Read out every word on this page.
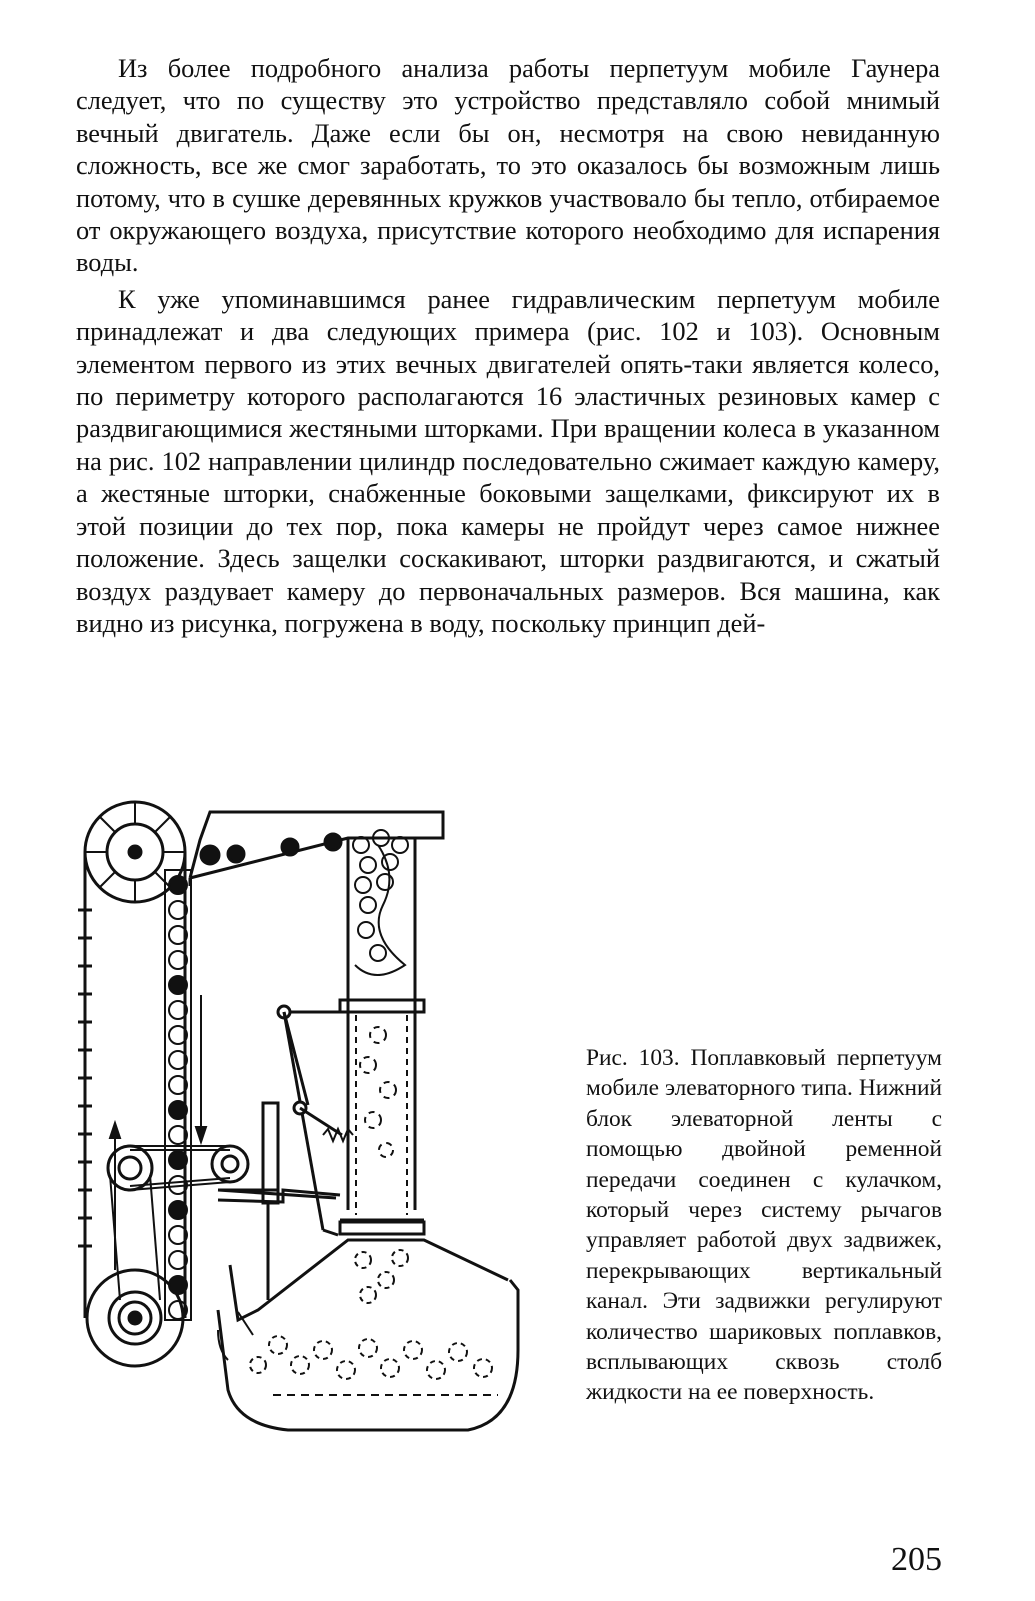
Из более подробного анализа работы перпетуум мобиле Гаунера следует, что по существу это устройство представляло собой мнимый вечный двигатель. Даже если бы он, несмотря на свою невиданную сложность, все же смог заработать, то это оказалось бы возможным лишь потому, что в сушке деревянных кружков участвовало бы тепло, отбираемое от окружающего воздуха, присутствие которого необходимо для испарения воды.

К уже упоминавшимся ранее гидравлическим перпетуум мобиле принадлежат и два следующих примера (рис. 102 и 103). Основным элементом первого из этих вечных двигателей опять-таки является колесо, по периметру которого располагаются 16 эластичных резиновых камер с раздвигающимися жестяными шторками. При вращении колеса в указанном на рис. 102 направлении цилиндр последовательно сжимает каждую камеру, а жестяные шторки, снабженные боковыми защелками, фиксируют их в этой позиции до тех пор, пока камеры не пройдут через самое нижнее положение. Здесь защелки соскакивают, шторки раздвигаются, и сжатый воздух раздувает камеру до первоначальных размеров. Вся машина, как видно из рисунка, погружена в воду, поскольку принцип дей-

Рис. 103. Поплавковый перпетуум мобиле элеваторного типа. Нижний блок элеваторной ленты с помощью двойной ременной передачи соединен с кулачком, который через систему рычагов управляет работой двух задвижек, перекрывающих вертикальный канал. Эти задвижки регулируют количество шариковых поплавков, всплывающих сквозь столб жидкости на ее поверхность.
205
